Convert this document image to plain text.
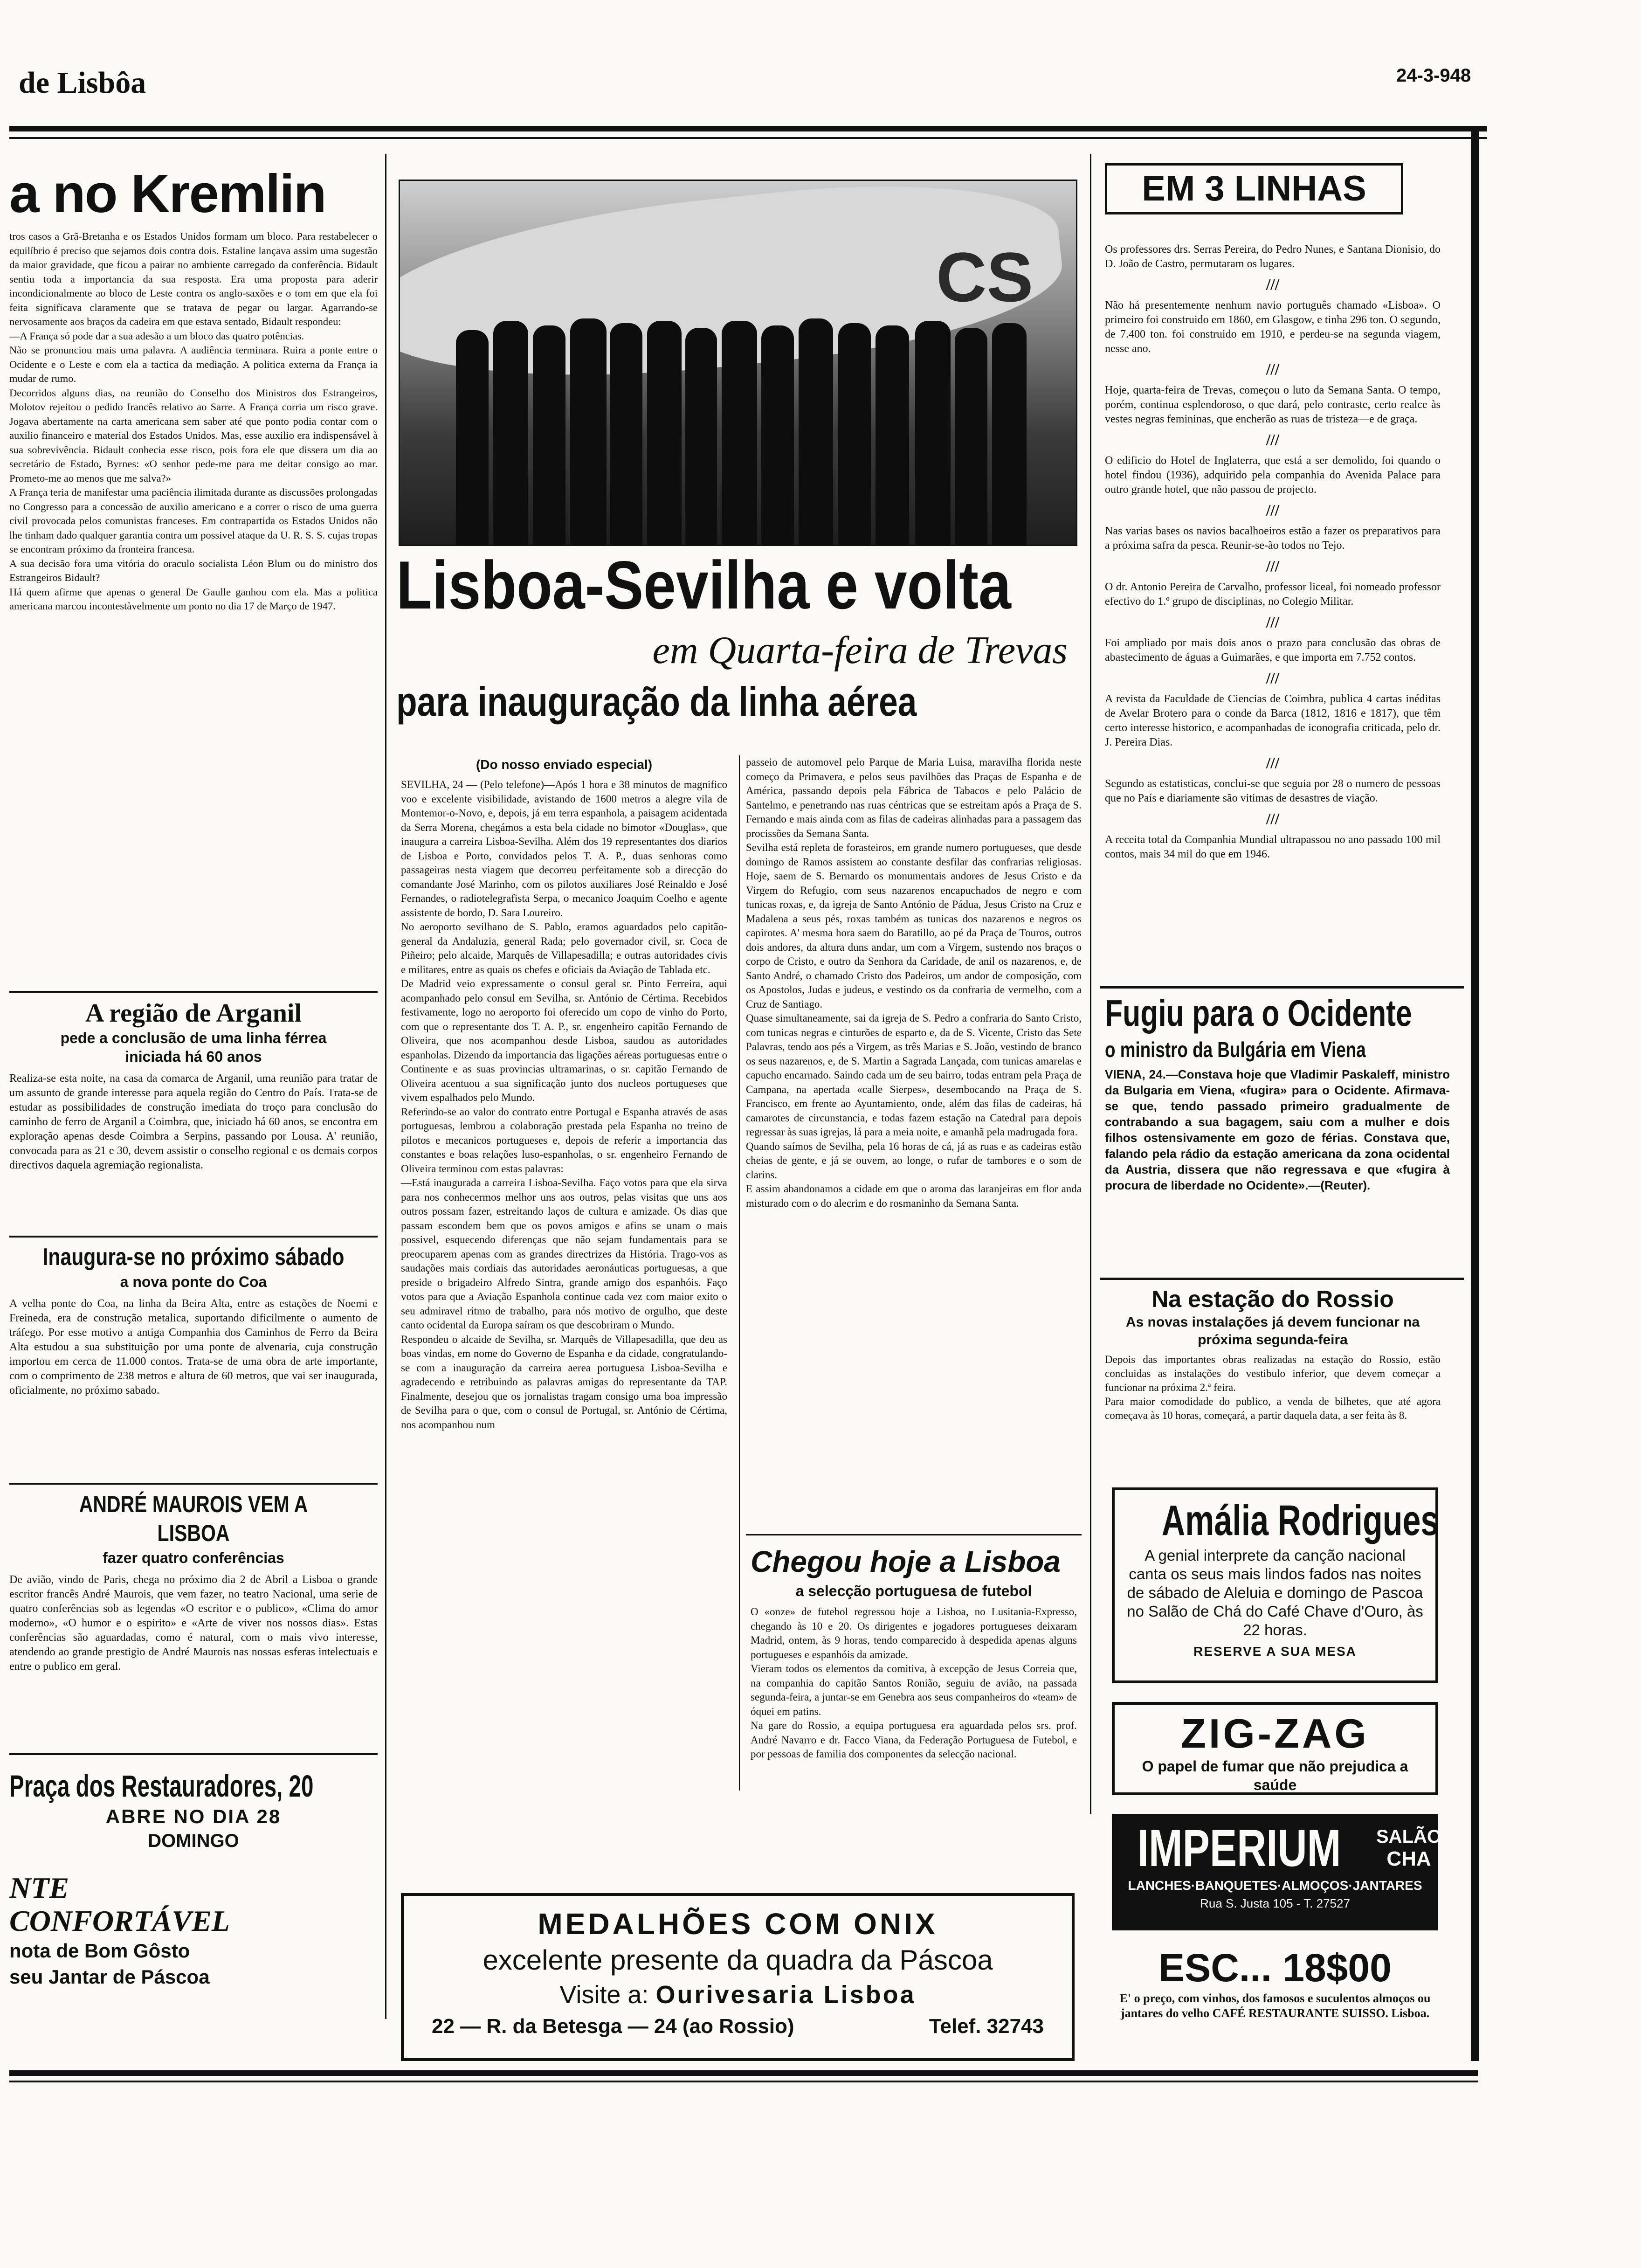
de Lisbôa	24-3-948
a no Kremlin
tros casos a Grã-Bretanha e os Estados Unidos formam um bloco. Para restabelecer o equilíbrio é preciso que sejamos dois contra dois. Estaline lançava assim uma sugestão da maior gravidade, que ficou a pairar no ambiente carregado da conferência. Bidault sentiu toda a importancia da sua resposta. Era uma proposta para aderir incondicionalmente ao bloco de Leste contra os anglo-saxões e o tom em que ela foi feita significava claramente que se tratava de pegar ou largar. Agarrando-se nervosamente aos braços da cadeira em que estava sentado, Bidault respondeu:
—A França só pode dar a sua adesão a um bloco das quatro potências.
Não se pronunciou mais uma palavra. A audiência terminara. Ruira a ponte entre o Ocidente e o Leste e com ela a tactica da mediação. A politica externa da França ia mudar de rumo.
Decorridos alguns dias, na reunião do Conselho dos Ministros dos Estrangeiros, Molotov rejeitou o pedido francês relativo ao Sarre. A França corria um risco grave. Jogava abertamente na carta americana sem saber até que ponto podia contar com o auxilio financeiro e material dos Estados Unidos. Mas, esse auxilio era indispensável à sua sobrevivência. Bidault conhecia esse risco, pois fora ele que dissera um dia ao secretário de Estado, Byrnes: «O senhor pede-me para me deitar consigo ao mar. Prometo-me ao menos que me salva?»
A França teria de manifestar uma paciência ilimitada durante as discussões prolongadas no Congresso para a concessão de auxilio americano e a correr o risco de uma guerra civil provocada pelos comunistas franceses. Em contrapartida os Estados Unidos não lhe tinham dado qualquer garantia contra um possivel ataque da U. R. S. S. cujas tropas se encontram próximo da fronteira francesa.
A sua decisão fora uma vitória do oraculo socialista Léon Blum ou do ministro dos Estrangeiros Bidault?
Há quem afirme que apenas o general De Gaulle ganhou com ela. Mas a politica americana marcou incontestàvelmente um ponto no dia 17 de Março de 1947.
A região de Arganil
pede a conclusão de uma linha férrea iniciada há 60 anos
Realiza-se esta noite, na casa da comarca de Arganil, uma reunião para tratar de um assunto de grande interesse para aquela região do Centro do País. Trata-se de estudar as possibilidades de construção imediata do troço para conclusão do caminho de ferro de Arganil a Coimbra, que, iniciado há 60 anos, se encontra em exploração apenas desde Coimbra a Serpins, passando por Lousa. A' reunião, convocada para as 21 e 30, devem assistir o conselho regional e os demais corpos directivos daquela agremiação regionalista.
Inaugura-se no próximo sábado
a nova ponte do Coa
A velha ponte do Coa, na linha da Beira Alta, entre as estações de Noemi e Freineda, era de construção metalica, suportando dificilmente o aumento de tráfego. Por esse motivo a antiga Companhia dos Caminhos de Ferro da Beira Alta estudou a sua substituição por uma ponte de alvenaria, cuja construção importou em cerca de 11.000 contos. Trata-se de uma obra de arte importante, com o comprimento de 238 metros e altura de 60 metros, que vai ser inaugurada, oficialmente, no próximo sabado.
ANDRÉ MAUROIS VEM A LISBOA
fazer quatro conferências
De avião, vindo de Paris, chega no próximo dia 2 de Abril a Lisboa o grande escritor francês André Maurois, que vem fazer, no teatro Nacional, uma serie de quatro conferências sob as legendas «O escritor e o publico», «Clima do amor moderno», «O humor e o espirito» e «Arte de viver nos nossos dias». Estas conferências são aguardadas, como é natural, com o mais vivo interesse, atendendo ao grande prestigio de André Maurois nas nossas esferas intelectuais e entre o publico em geral.
Praça dos Restauradores, 20
ABRE NO DIA 28
DOMINGO
NTE
CONFORTÁVEL
nota de Bom Gôsto
seu Jantar de Páscoa
CS
Lisboa-Sevilha e volta
em Quarta-feira de Trevas
para inauguração da linha aérea
(Do nosso enviado especial)
SEVILHA, 24 — (Pelo telefone)—Após 1 hora e 38 minutos de magnifico voo e excelente visibilidade, avistando de 1600 metros a alegre vila de Montemor-o-Novo, e, depois, já em terra espanhola, a paisagem acidentada da Serra Morena, chegámos a esta bela cidade no bimotor «Douglas», que inaugura a carreira Lisboa-Sevilha. Além dos 19 representantes dos diarios de Lisboa e Porto, convidados pelos T. A. P., duas senhoras como passageiras nesta viagem que decorreu perfeitamente sob a direcção do comandante José Marinho, com os pilotos auxiliares José Reinaldo e José Fernandes, o radiotelegrafista Serpa, o mecanico Joaquim Coelho e agente assistente de bordo, D. Sara Loureiro.
No aeroporto sevilhano de S. Pablo, eramos aguardados pelo capitão-general da Andaluzia, general Rada; pelo governador civil, sr. Coca de Piñeiro; pelo alcaide, Marquês de Villapesadilla; e outras autoridades civis e militares, entre as quais os chefes e oficiais da Aviação de Tablada etc.
De Madrid veio expressamente o consul geral sr. Pinto Ferreira, aqui acompanhado pelo consul em Sevilha, sr. António de Cértima. Recebidos festivamente, logo no aeroporto foi oferecido um copo de vinho do Porto, com que o representante dos T. A. P., sr. engenheiro capitão Fernando de Oliveira, que nos acompanhou desde Lisboa, saudou as autoridades espanholas. Dizendo da importancia das ligações aéreas portuguesas entre o Continente e as suas provincias ultramarinas, o sr. capitão Fernando de Oliveira acentuou a sua significação junto dos nucleos portugueses que vivem espalhados pelo Mundo.
Referindo-se ao valor do contrato entre Portugal e Espanha através de asas portuguesas, lembrou a colaboração prestada pela Espanha no treino de pilotos e mecanicos portugueses e, depois de referir a importancia das constantes e boas relações luso-espanholas, o sr. engenheiro Fernando de Oliveira terminou com estas palavras:
—Está inaugurada a carreira Lisboa-Sevilha. Faço votos para que ela sirva para nos conhecermos melhor uns aos outros, pelas visitas que uns aos outros possam fazer, estreitando laços de cultura e amizade. Os dias que passam escondem bem que os povos amigos e afins se unam o mais possivel, esquecendo diferenças que não sejam fundamentais para se preocuparem apenas com as grandes directrizes da História. Trago-vos as saudações mais cordiais das autoridades aeronáuticas portuguesas, a que preside o brigadeiro Alfredo Sintra, grande amigo dos espanhóis. Faço votos para que a Aviação Espanhola continue cada vez com maior exito o seu admiravel ritmo de trabalho, para nós motivo de orgulho, que deste canto ocidental da Europa saíram os que descobriram o Mundo.
Respondeu o alcaide de Sevilha, sr. Marquês de Villapesadilla, que deu as boas vindas, em nome do Governo de Espanha e da cidade, congratulando-se com a inauguração da carreira aerea portuguesa Lisboa-Sevilha e agradecendo e retribuindo as palavras amigas do representante da TAP. Finalmente, desejou que os jornalistas tragam consigo uma boa impressão de Sevilha para o que, com o consul de Portugal, sr. António de Cértima, nos acompanhou num
passeio de automovel pelo Parque de Maria Luisa, maravilha florida neste começo da Primavera, e pelos seus pavilhões das Praças de Espanha e de América, passando depois pela Fábrica de Tabacos e pelo Palácio de Santelmo, e penetrando nas ruas céntricas que se estreitam após a Praça de S. Fernando e mais ainda com as filas de cadeiras alinhadas para a passagem das procissões da Semana Santa.
Sevilha está repleta de forasteiros, em grande numero portugueses, que desde domingo de Ramos assistem ao constante desfilar das confrarias religiosas. Hoje, saem de S. Bernardo os monumentais andores de Jesus Cristo e da Virgem do Refugio, com seus nazarenos encapuchados de negro e com tunicas roxas, e, da igreja de Santo António de Pádua, Jesus Cristo na Cruz e Madalena a seus pés, roxas também as tunicas dos nazarenos e negros os capirotes. A' mesma hora saem do Baratillo, ao pé da Praça de Touros, outros dois andores, da altura duns andar, um com a Virgem, sustendo nos braços o corpo de Cristo, e outro da Senhora da Caridade, de anil os nazarenos, e, de Santo André, o chamado Cristo dos Padeiros, um andor de composição, com os Apostolos, Judas e judeus, e vestindo os da confraria de vermelho, com a Cruz de Santiago.
Quase simultaneamente, sai da igreja de S. Pedro a confraria do Santo Cristo, com tunicas negras e cinturões de esparto e, da de S. Vicente, Cristo das Sete Palavras, tendo aos pés a Virgem, as três Marias e S. João, vestindo de branco os seus nazarenos, e, de S. Martin a Sagrada Lançada, com tunicas amarelas e capucho encarnado. Saindo cada um de seu bairro, todas entram pela Praça de Campana, na apertada «calle Sierpes», desembocando na Praça de S. Francisco, em frente ao Ayuntamiento, onde, além das filas de cadeiras, há camarotes de circunstancia, e todas fazem estação na Catedral para depois regressar às suas igrejas, lá para a meia noite, e amanhã pela madrugada fora.
Quando saímos de Sevilha, pela 16 horas de cá, já as ruas e as cadeiras estão cheias de gente, e já se ouvem, ao longe, o rufar de tambores e o som de clarins.
E assim abandonamos a cidade em que o aroma das laranjeiras em flor anda misturado com o do alecrim e do rosmaninho da Semana Santa.
Chegou hoje a Lisboa
a selecção portuguesa de futebol
O «onze» de futebol regressou hoje a Lisboa, no Lusitania-Expresso, chegando às 10 e 20. Os dirigentes e jogadores portugueses deixaram Madrid, ontem, às 9 horas, tendo comparecido à despedida apenas alguns portugueses e espanhóis da amizade.
Vieram todos os elementos da comitiva, à excepção de Jesus Correia que, na companhia do capitão Santos Ronião, seguiu de avião, na passada segunda-feira, a juntar-se em Genebra aos seus companheiros do «team» de óquei em patins.
Na gare do Rossio, a equipa portuguesa era aguardada pelos srs. prof. André Navarro e dr. Facco Viana, da Federação Portuguesa de Futebol, e por pessoas de familia dos componentes da selecção nacional.
MEDALHÕES COM ONIX
excelente presente da quadra da Páscoa
Visite a: Ourivesaria Lisboa
22 — R. da Betesga — 24 (ao Rossio)	Telef. 32743
EM 3 LINHAS

Os professores drs. Serras Pereira, do Pedro Nunes, e Santana Dionisio, do D. João de Castro, permutaram os lugares.

///

Não há presentemente nenhum navio português chamado «Lisboa». O primeiro foi construido em 1860, em Glasgow, e tinha 296 ton. O segundo, de 7.400 ton. foi construido em 1910, e perdeu-se na segunda viagem, nesse ano.

///

Hoje, quarta-feira de Trevas, começou o luto da Semana Santa. O tempo, porém, continua esplendoroso, o que dará, pelo contraste, certo realce às vestes negras femininas, que encherão as ruas de tristeza—e de graça.

///

O edificio do Hotel de Inglaterra, que está a ser demolido, foi quando o hotel findou (1936), adquirido pela companhia do Avenida Palace para outro grande hotel, que não passou de projecto.

///

Nas varias bases os navios bacalhoeiros estão a fazer os preparativos para a próxima safra da pesca. Reunir-se-ão todos no Tejo.

///

O dr. Antonio Pereira de Carvalho, professor liceal, foi nomeado professor efectivo do 1.º grupo de disciplinas, no Colegio Militar.

///

Foi ampliado por mais dois anos o prazo para conclusão das obras de abastecimento de águas a Guimarães, e que importa em 7.752 contos.

///

A revista da Faculdade de Ciencias de Coimbra, publica 4 cartas inéditas de Avelar Brotero para o conde da Barca (1812, 1816 e 1817), que têm certo interesse historico, e acompanhadas de iconografia criticada, pelo dr. J. Pereira Dias.

///

Segundo as estatisticas, conclui-se que seguia por 28 o numero de pessoas que no País e diariamente são vitimas de desastres de viação.

///

A receita total da Companhia Mundial ultrapassou no ano passado 100 mil contos, mais 34 mil do que em 1946.

Fugiu para o Ocidente
o ministro da Bulgária em Viena
VIENA, 24.—Constava hoje que Vladimir Paskaleff, ministro da Bulgaria em Viena, «fugira» para o Ocidente. Afirmava-se que, tendo passado primeiro gradualmente de contrabando a sua bagagem, saiu com a mulher e dois filhos ostensivamente em gozo de férias. Constava que, falando pela rádio da estação americana da zona ocidental da Austria, dissera que não regressava e que «fugira à procura de liberdade no Ocidente».—(Reuter).
Na estação do Rossio
As novas instalações já devem funcionar na próxima segunda-feira
Depois das importantes obras realizadas na estação do Rossio, estão concluidas as instalações do vestibulo inferior, que devem começar a funcionar na próxima 2.ª feira.
Para maior comodidade do publico, a venda de bilhetes, que até agora começava às 10 horas, começará, a partir daquela data, a ser feita às 8.
Amália Rodrigues
A genial interprete da canção nacional canta os seus mais lindos fados nas noites de sábado de Aleluia e domingo de Pascoa no Salão de Chá do Café Chave d'Ouro, às 22 horas.
RESERVE A SUA MESA
ZIG-ZAG
O papel de fumar que não prejudica a saúde
IMPERIUM SALÃO
CHA
LANCHES·BANQUETES·ALMOÇOS·JANTARES
Rua S. Justa 105 - T. 27527
ESC... 18$00
E' o preço, com vinhos, dos famosos e suculentos almoços ou jantares do velho CAFÉ RESTAURANTE SUISSO. Lisboa.
